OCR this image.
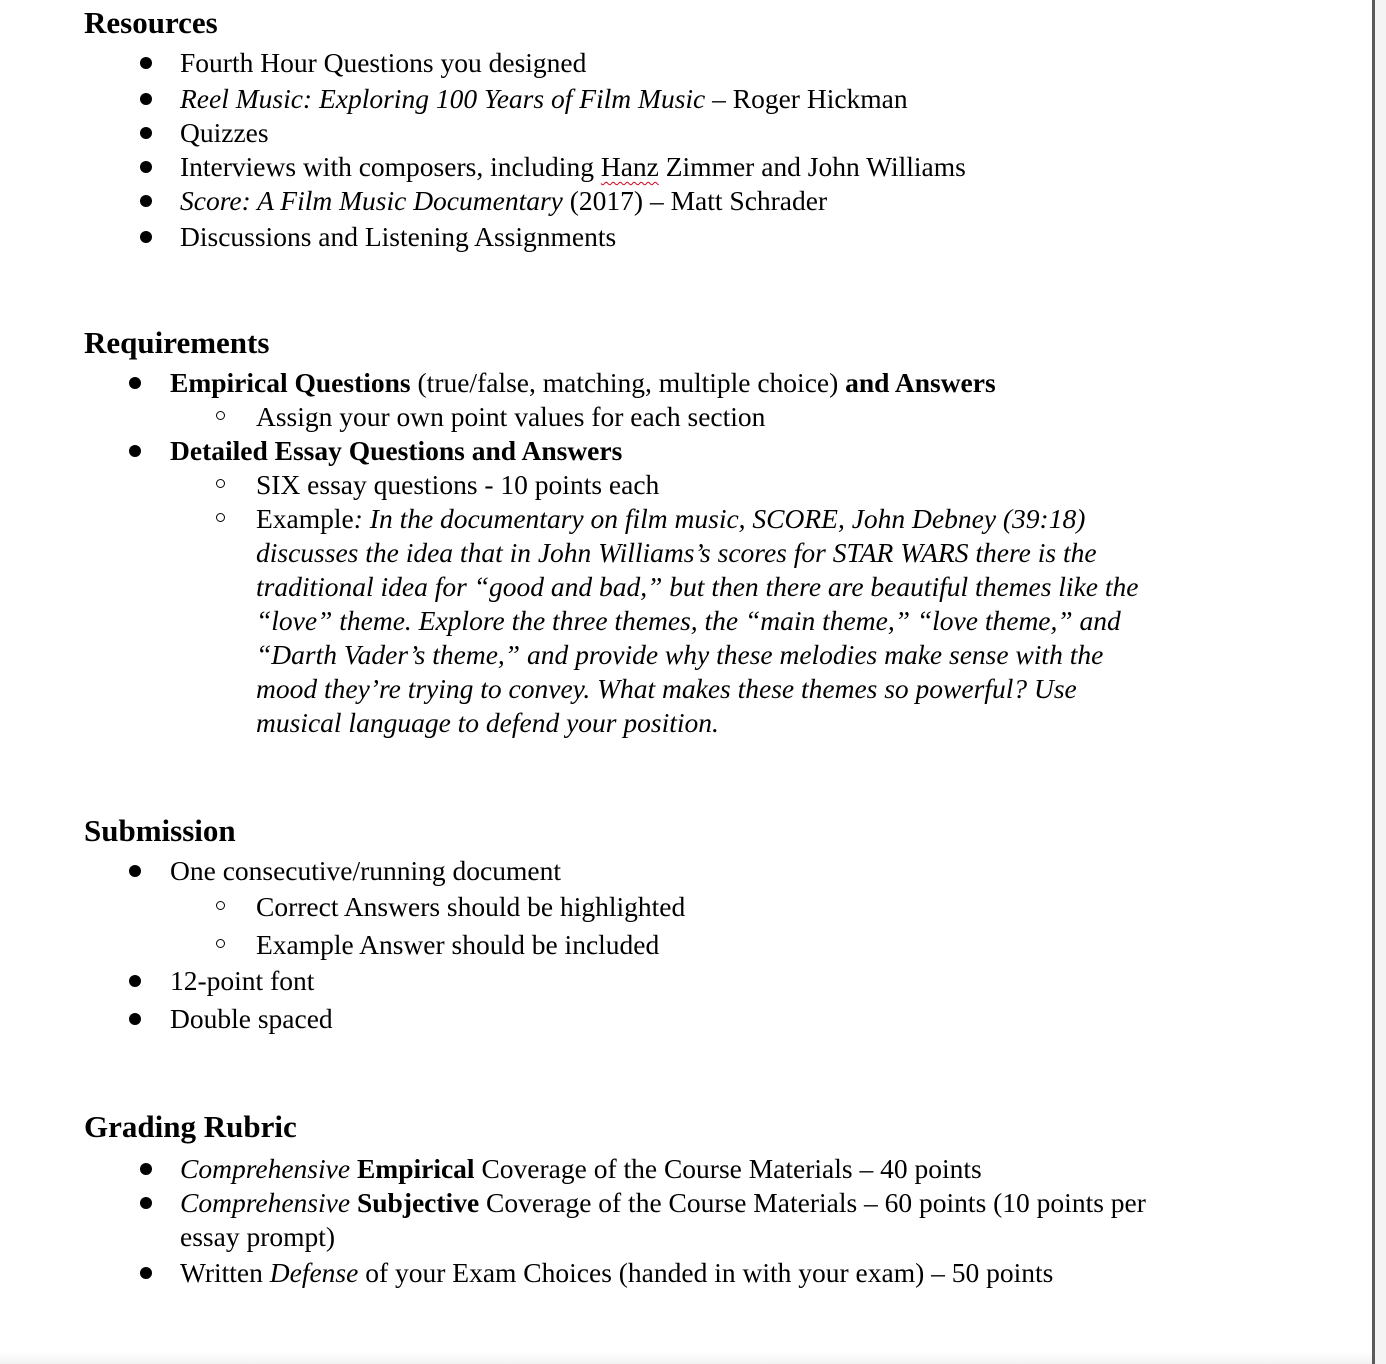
Resources
Fourth Hour Questions you designed
Reel Music: Exploring 100 Years of Film Music – Roger Hickman
Quizzes
Interviews with composers, including Hanz Zimmer and John Williams
Score: A Film Music Documentary (2017) – Matt Schrader
Discussions and Listening Assignments
Requirements
Empirical Questions (true/false, matching, multiple choice) and Answers
Assign your own point values for each section
Detailed Essay Questions and Answers
SIX essay questions - 10 points each
Example: In the documentary on film music, SCORE, John Debney (39:18)
discusses the idea that in John Williams’s scores for STAR WARS there is the
traditional idea for “good and bad,” but then there are beautiful themes like the
“love” theme. Explore the three themes, the “main theme,” “love theme,” and
“Darth Vader’s theme,” and provide why these melodies make sense with the
mood they’re trying to convey. What makes these themes so powerful? Use
musical language to defend your position.
Submission
One consecutive/running document
Correct Answers should be highlighted
Example Answer should be included
12-point font
Double spaced
Grading Rubric
Comprehensive Empirical Coverage of the Course Materials – 40 points
Comprehensive Subjective Coverage of the Course Materials – 60 points (10 points per
essay prompt)
Written Defense of your Exam Choices (handed in with your exam) – 50 points
